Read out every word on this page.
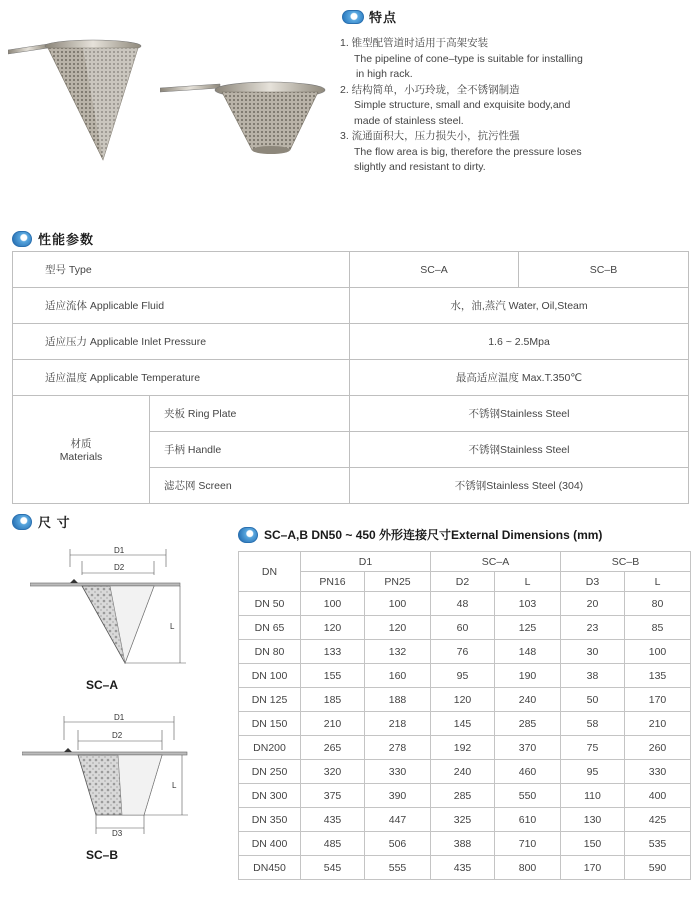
特点

1. 锥型配管道时适用于高架安装

The pipeline of cone–type is suitable for installing

in high rack.

2. 结构简单，小巧玲珑，全不锈钢制造

Simple structure, small and exquisite body,and

made of stainless steel.

3. 流通面积大，压力损失小，抗污性强

The flow area is big, therefore the pressure loses

slightly and resistant to dirty.

性能参数
型号 Type		SC–A	SC–B
适应流体 Applicable Fluid		水，油,蒸汽 Water, Oil,Steam	
适应压力 Applicable Inlet Pressure		1.6 ~ 2.5Mpa	
适应温度 Applicable Temperature		最高适应温度 Max.T.350℃	

材质
Materials	夹板 Ring Plate	不锈钢Stainless Steel	
	手柄 Handle	不锈钢Stainless Steel	
	滤芯网 Screen	不锈钢Stainless Steel (304)	
尺 寸
D1
D2
L
SC–A
D1
D2
L
D3
SC–B
SC–A,B DN50 ~ 450 外形连接尺寸External Dimensions (mm)
DN	D1		SC–A		SC–B	
	PN16	PN25	D2	L	D3	L
DN 50	100	100	48	103	20	80
DN 65	120	120	60	125	23	85
DN 80	133	132	76	148	30	100
DN 100	155	160	95	190	38	135
DN 125	185	188	120	240	50	170
DN 150	210	218	145	285	58	210
DN200	265	278	192	370	75	260
DN 250	320	330	240	460	95	330
DN 300	375	390	285	550	110	400
DN 350	435	447	325	610	130	425
DN 400	485	506	388	710	150	535
DN450	545	555	435	800	170	590
